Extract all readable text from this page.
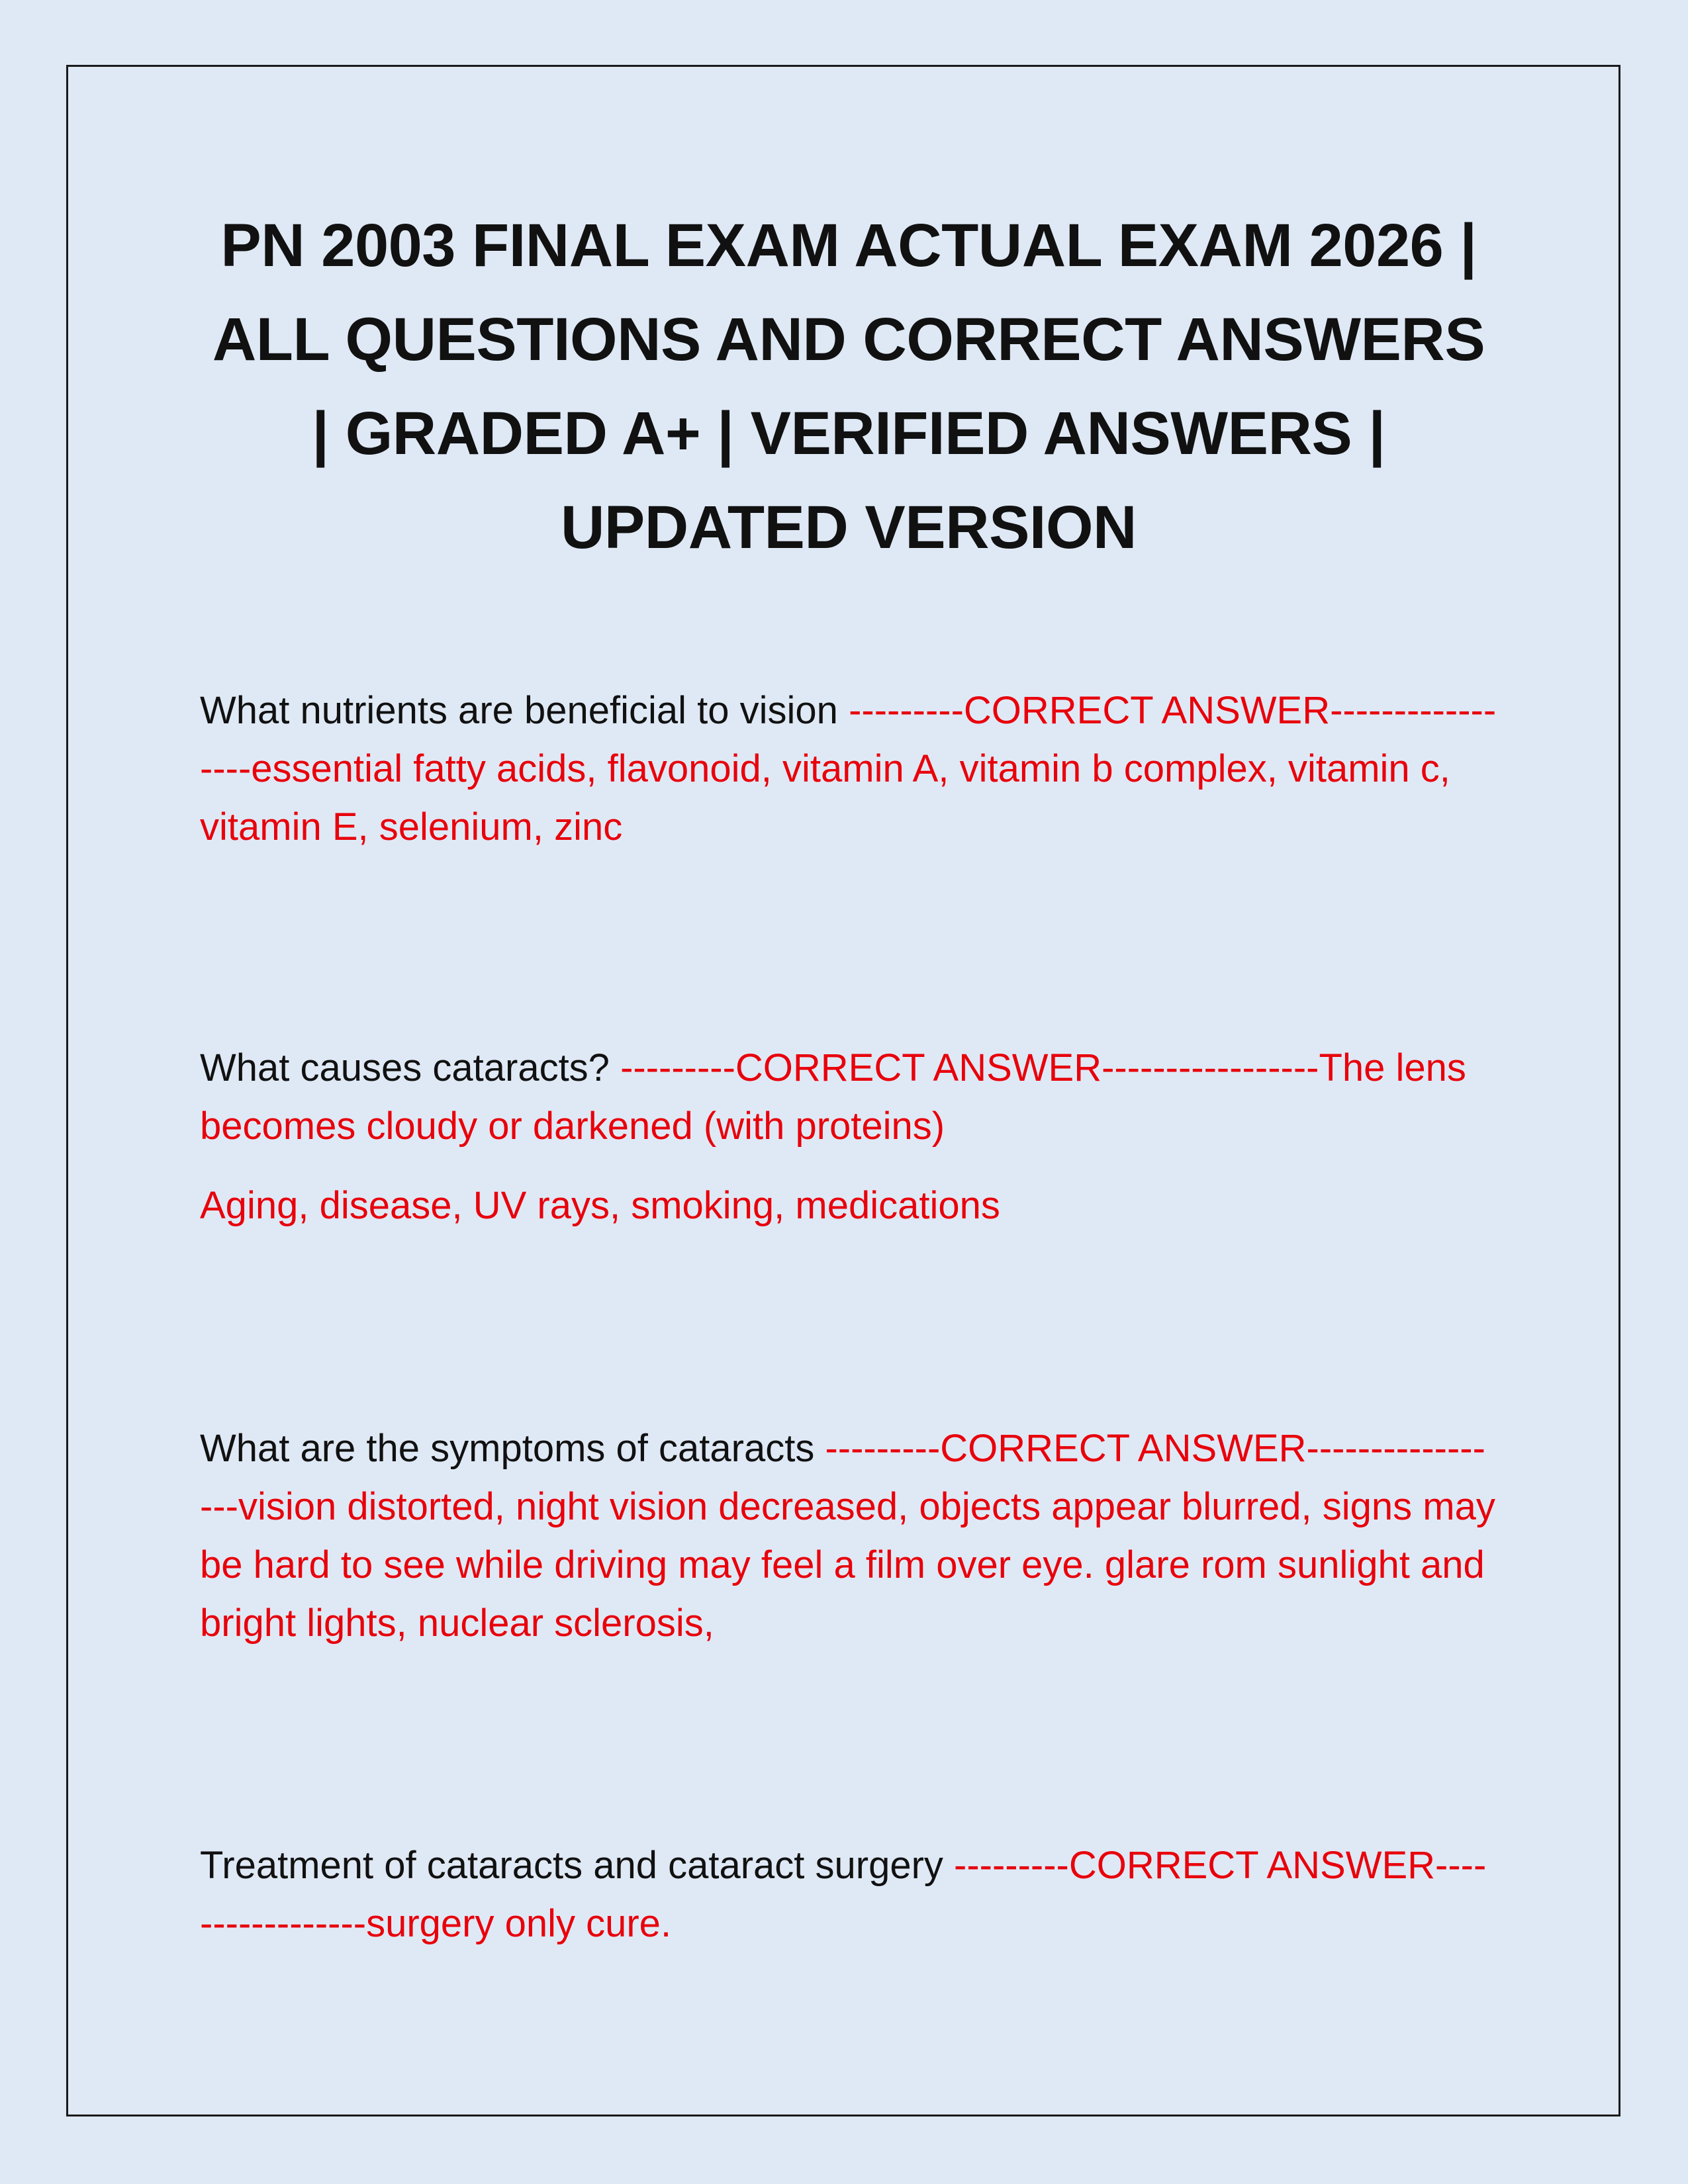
PN 2003 FINAL EXAM ACTUAL EXAM 2026 | ALL QUESTIONS AND CORRECT ANSWERS | GRADED A+ | VERIFIED ANSWERS | UPDATED VERSION

What nutrients are beneficial to vision ---------CORRECT ANSWER-----------------essential fatty acids, flavonoid, vitamin A, vitamin b complex, vitamin c, vitamin E, selenium, zinc

What causes cataracts? ---------CORRECT ANSWER-----------------The lens becomes cloudy or darkened (with proteins)

Aging, disease, UV rays, smoking, medications

What are the symptoms of cataracts ---------CORRECT ANSWER-----------------vision distorted, night vision decreased, objects appear blurred, signs may be hard to see while driving may feel a film over eye. glare rom sunlight and bright lights, nuclear sclerosis,

Treatment of cataracts and cataract surgery ---------CORRECT ANSWER-----------------surgery only cure.
